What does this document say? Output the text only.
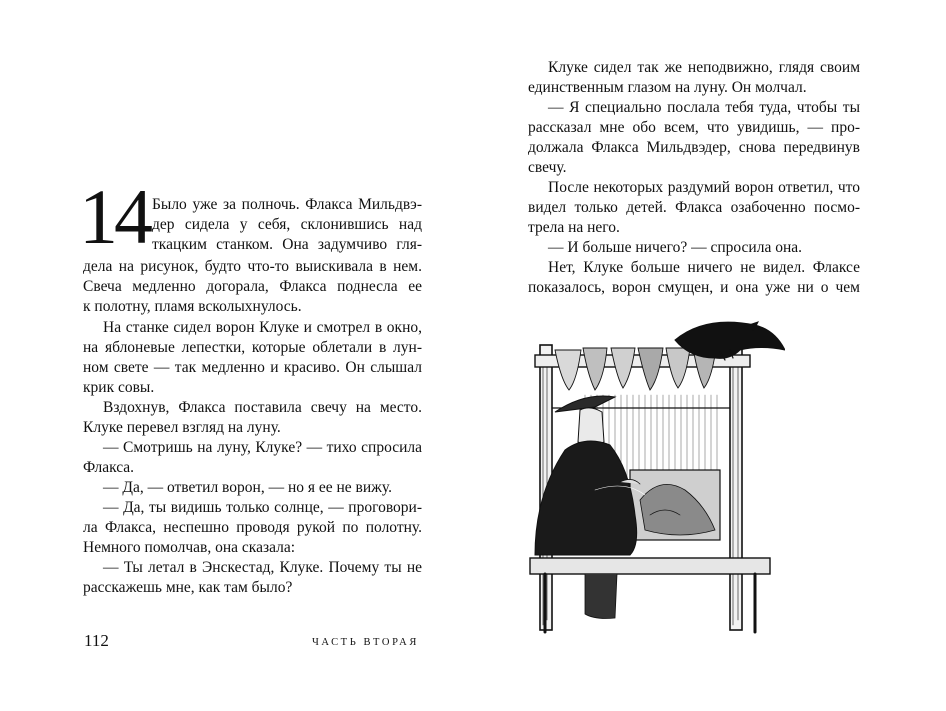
14 Было уже за полночь. Флакса Мильдвэ-
дер сидела у себя, склонившись над
ткацким станком. Она задумчиво гля-
дела на рисунок, будто что-то выискивала в нем.
Свеча медленно догорала, Флакса поднесла ее
к полотну, пламя всколыхнулось.
На станке сидел ворон Клуке и смотрел в окно,
на яблоневые лепестки, которые облетали в лун-
ном свете — так медленно и красиво. Он слышал
крик совы.
Вздохнув, Флакса поставила свечу на место.
Клуке перевел взгляд на луну.
— Смотришь на луну, Клуке? — тихо спросила
Флакса.
— Да, — ответил ворон, — но я ее не вижу.
— Да, ты видишь только солнце, — проговори-
ла Флакса, неспешно проводя рукой по полотну.
Немного помолчав, она сказала:
— Ты летал в Энскестад, Клуке. Почему ты не
расскажешь мне, как там было?
112	ЧАСТЬ ВТОРАЯ
Клуке сидел так же неподвижно, глядя своим
единственным глазом на луну. Он молчал.
— Я специально послала тебя туда, чтобы ты
рассказал мне обо всем, что увидишь, — про-
должала Флакса Мильдвэдер, снова передвинув
свечу.
После некоторых раздумий ворон ответил, что
видел только детей. Флакса озабоченно посмо-
трела на него.
— И больше ничего? — спросила она.
Нет, Клуке больше ничего не видел. Флаксе
показалось, ворон смущен, и она уже ни о чем
